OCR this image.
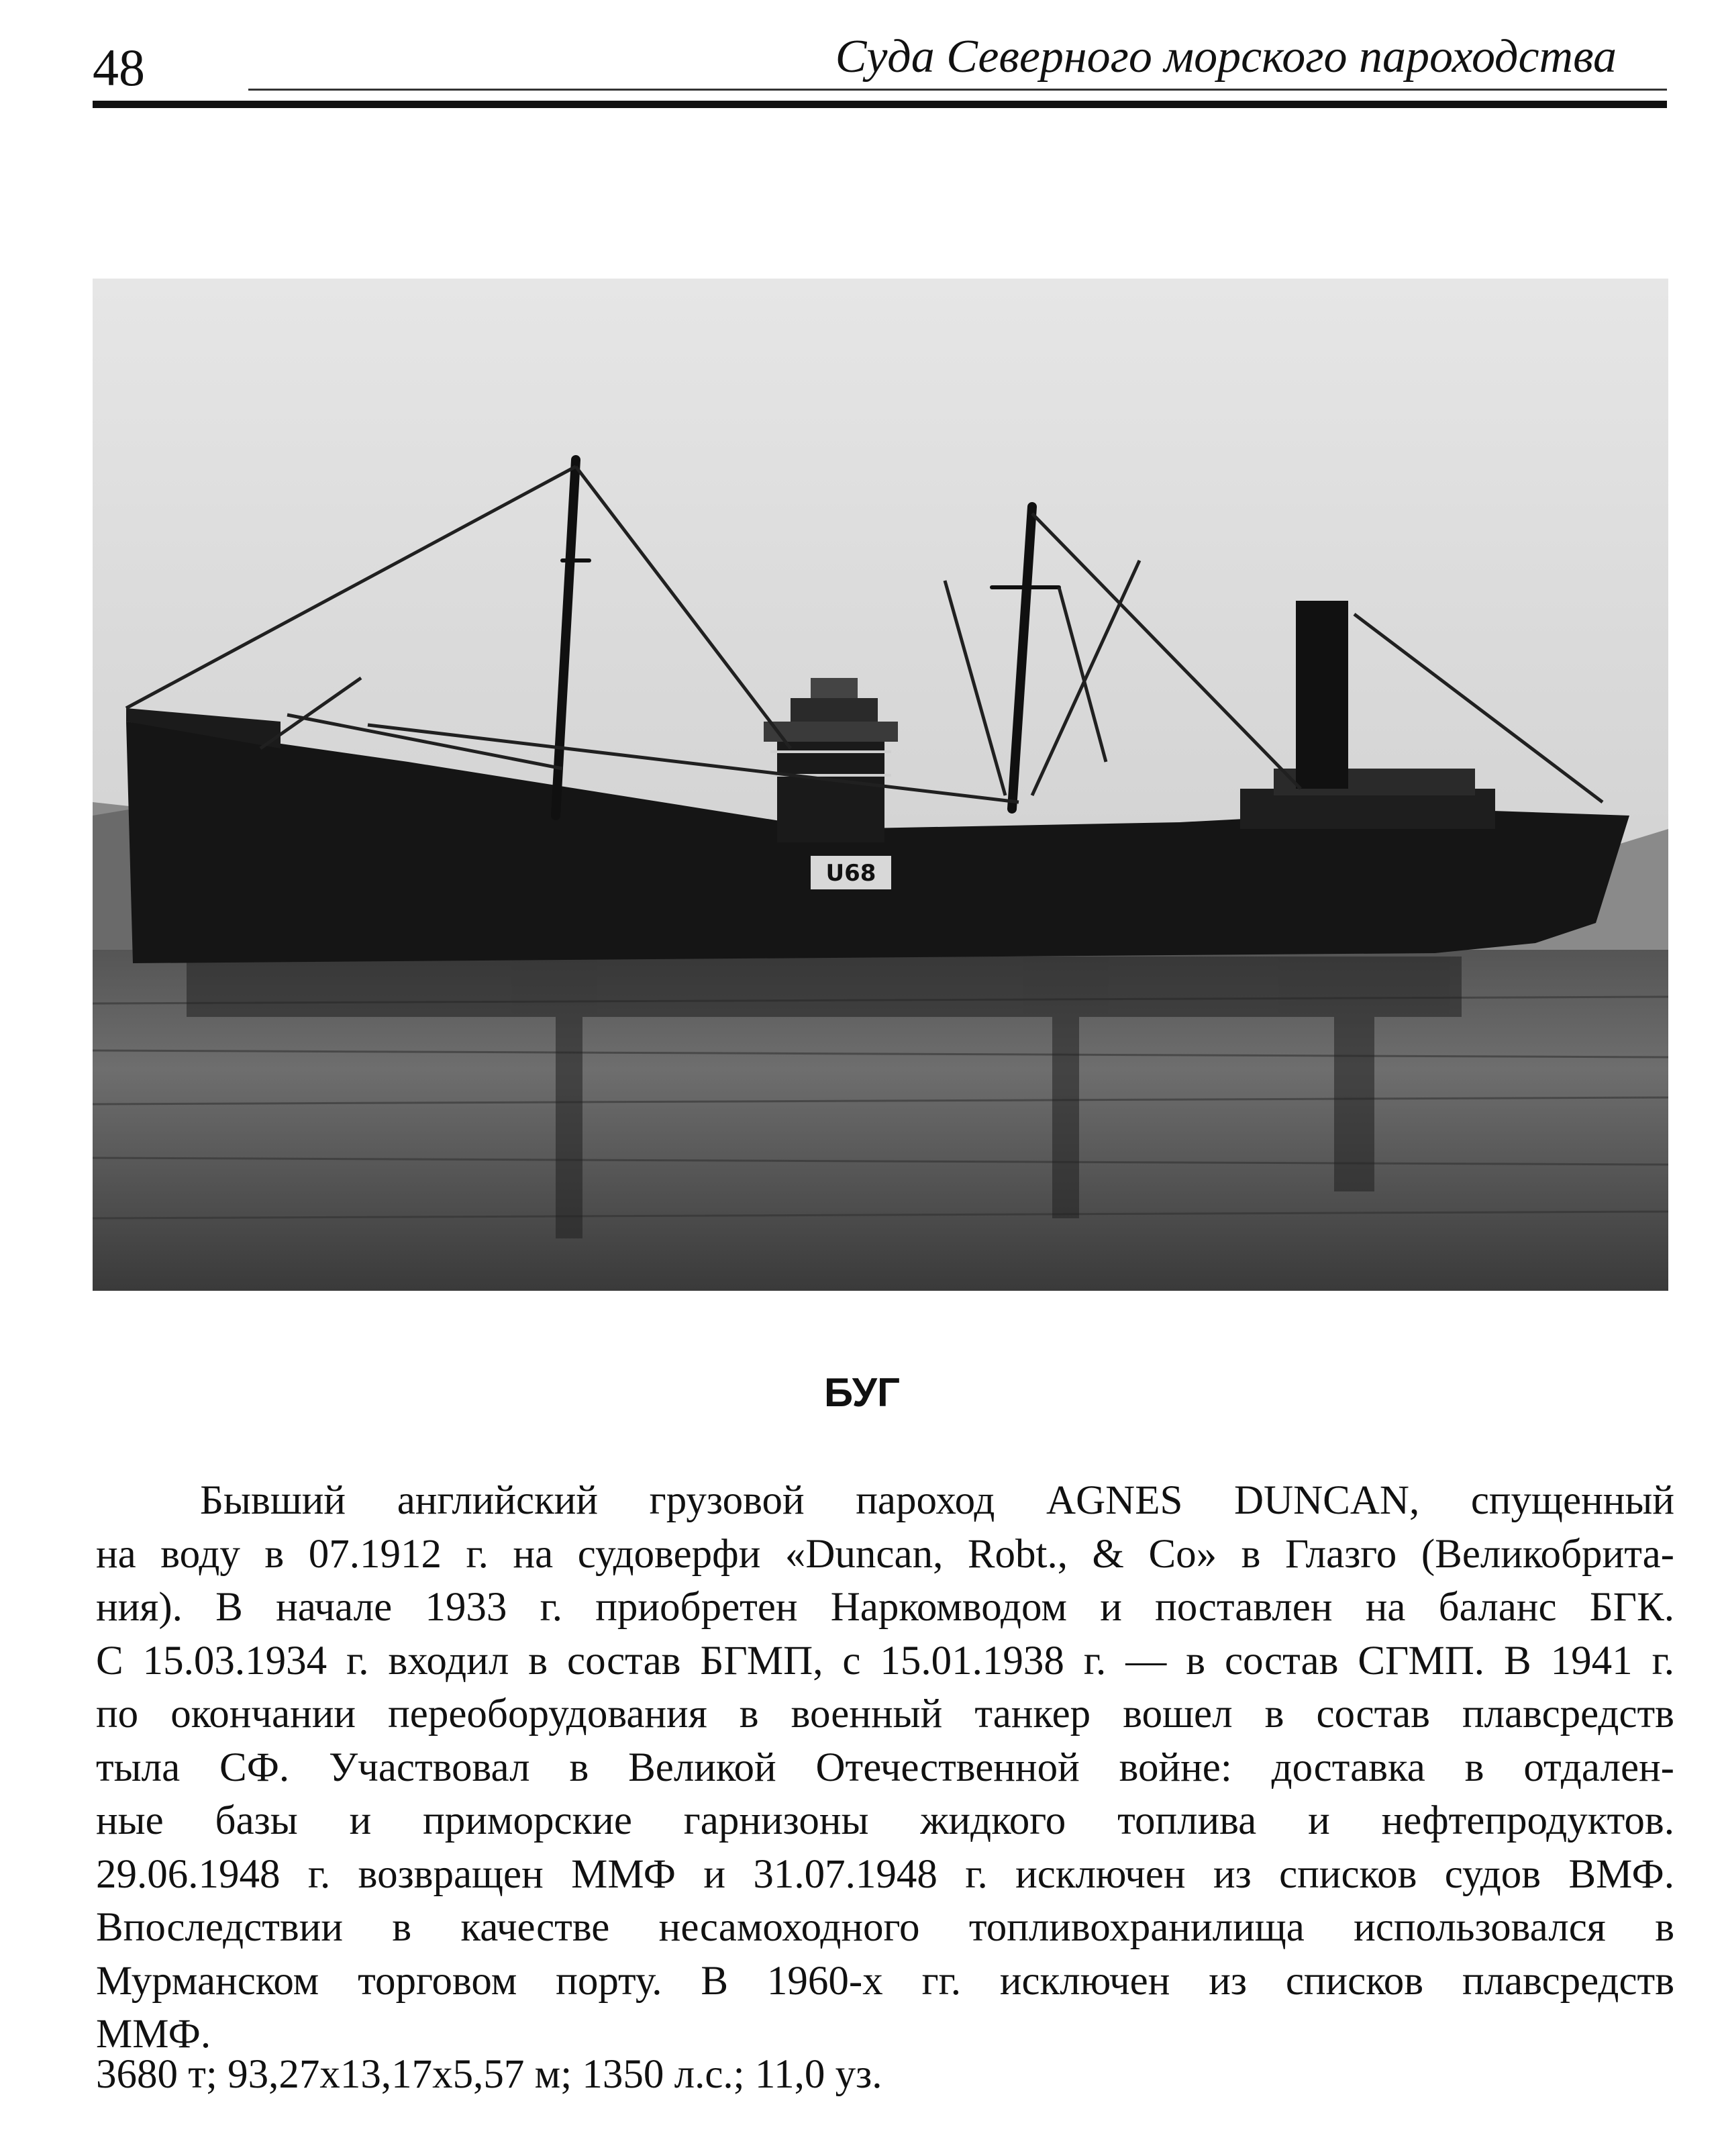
48	Суда Северного морского пароходства
U68
БУГ
Бывший английский грузовой пароход AGNES DUNCAN, спущенный
на воду в 07.1912 г. на судоверфи «Duncan, Robt., & Co» в Глазго (Великобрита-
ния). В начале 1933 г. приобретен Наркомводом и поставлен на баланс БГК.
С 15.03.1934 г. входил в состав БГМП, с 15.01.1938 г. — в состав СГМП. В 1941 г.
по окончании переоборудования в военный танкер вошел в состав плавсредств
тыла СФ. Участвовал в Великой Отечественной войне: доставка в отдален-
ные базы и приморские гарнизоны жидкого топлива и нефтепродуктов.
29.06.1948 г. возвращен ММФ и 31.07.1948 г. исключен из списков судов ВМФ.
Впоследствии в качестве несамоходного топливохранилища использовался в
Мурманском торговом порту. В 1960-х гг. исключен из списков плавсредств
ММФ.
3680 т; 93,27х13,17х5,57 м; 1350 л.с.; 11,0 уз.
